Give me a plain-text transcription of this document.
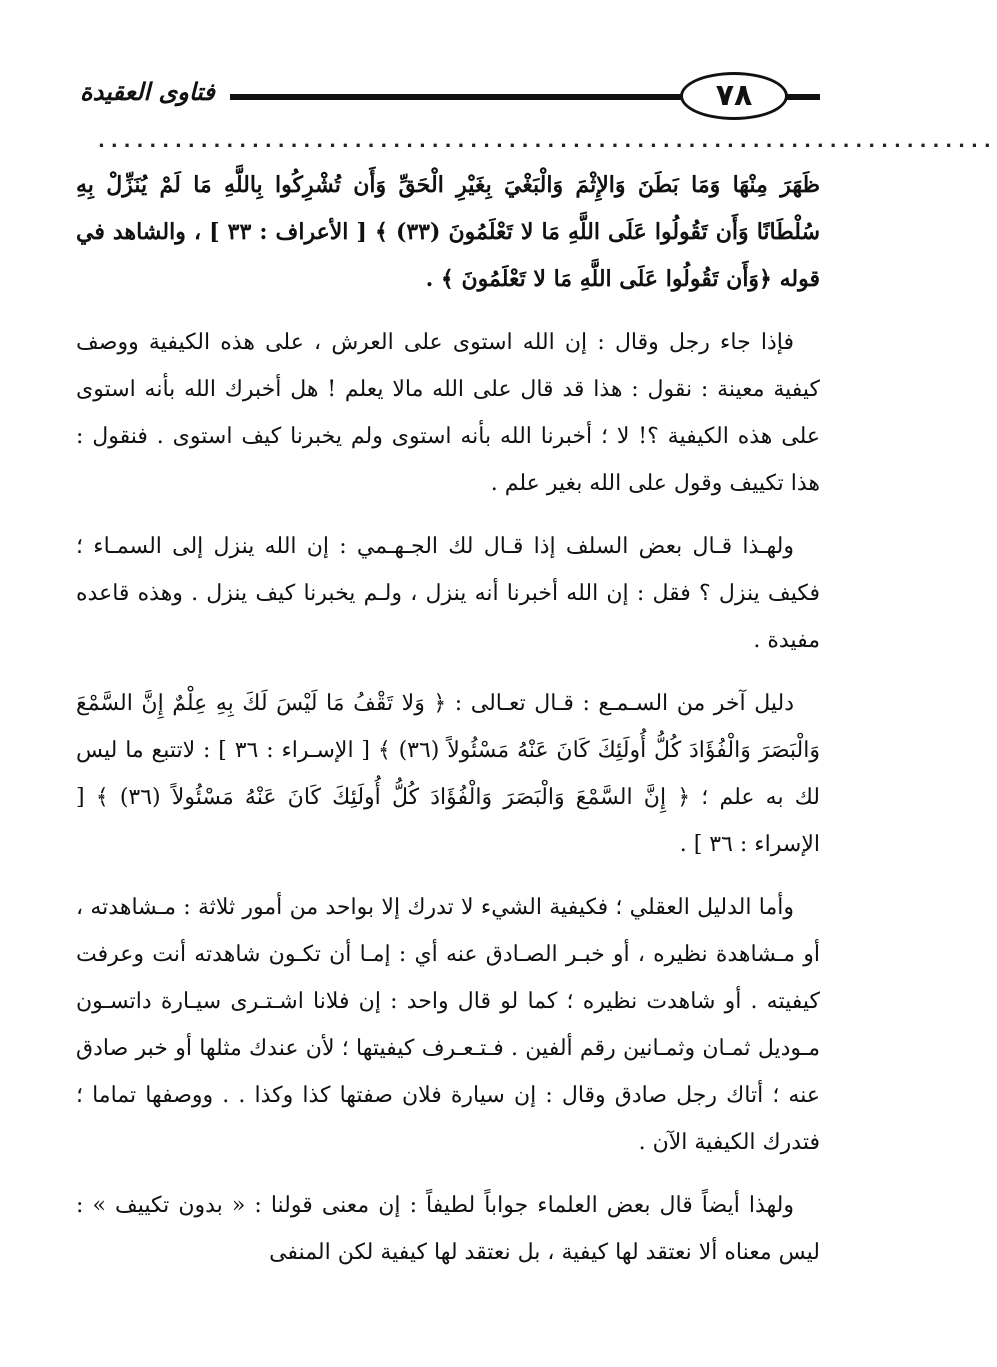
فتاوى العقيدة	٧٨
......................................................................

ظَهَرَ مِنْهَا وَمَا بَطَنَ وَالإِثْمَ وَالْبَغْيَ بِغَيْرِ الْحَقِّ وَأَن تُشْرِكُوا بِاللَّهِ مَا لَمْ يُنَزِّلْ بِهِ سُلْطَانًا وَأَن تَقُولُوا عَلَى اللَّهِ مَا لا تَعْلَمُونَ (٣٣) ﴾ [ الأعراف : ٣٣ ] ، والشاهد في قوله ﴿وَأَن تَقُولُوا عَلَى اللَّهِ مَا لا تَعْلَمُونَ ﴾ .

فإذا جاء رجل وقال : إن الله استوى على العرش ، على هذه الكيفية ووصف كيفية معينة : نقول : هذا قد قال على الله مالا يعلم ! هل أخبرك الله بأنه استوى على هذه الكيفية ؟! لا ؛ أخبرنا الله بأنه استوى ولم يخبرنا كيف استوى . فنقول : هذا تكييف وقول على الله بغير علم .

ولهـذا قـال بعض السلف إذا قـال لك الجـهـمي : إن الله ينزل إلى السمـاء ؛ فكيف ينزل ؟ فقل : إن الله أخبرنا أنه ينزل ، ولـم يخبرنا كيف ينزل . وهذه قاعده مفيدة .

دليل آخر من السـمـع : قـال تعـالى : ﴿ وَلا تَقْفُ مَا لَيْسَ لَكَ بِهِ عِلْمٌ إِنَّ السَّمْعَ وَالْبَصَرَ وَالْفُؤَادَ كُلُّ أُولَئِكَ كَانَ عَنْهُ مَسْئُولاً (٣٦) ﴾ [ الإسـراء : ٣٦ ] : لاتتبع ما ليس لك به علم ؛ ﴿ إِنَّ السَّمْعَ وَالْبَصَرَ وَالْفُؤَادَ كُلُّ أُولَئِكَ كَانَ عَنْهُ مَسْئُولاً (٣٦) ﴾ [ الإسراء : ٣٦ ] .

وأما الدليل العقلي ؛ فكيفية الشيء لا تدرك إلا بواحد من أمور ثلاثة : مـشاهدته ، أو مـشاهدة نظيره ، أو خبـر الصـادق عنه أي : إمـا أن تكـون شاهدته أنت وعرفت كيفيته . أو شاهدت نظيره ؛ كما لو قال واحد : إن فلانا اشـتـرى سيـارة داتسـون مـوديل ثمـان وثمـانين رقم ألفين . فـتـعـرف كيفيتها ؛ لأن عندك مثلها أو خبر صادق عنه ؛ أتاك رجل صادق وقال : إن سيارة فلان صفتها كذا وكذا . . ووصفها تماما ؛ فتدرك الكيفية الآن .

ولهذا أيضاً قال بعض العلماء جواباً لطيفاً : إن معنى قولنا : « بدون تكييف » : ليس معناه ألا نعتقد لها كيفية ، بل نعتقد لها كيفية لكن المنفى
